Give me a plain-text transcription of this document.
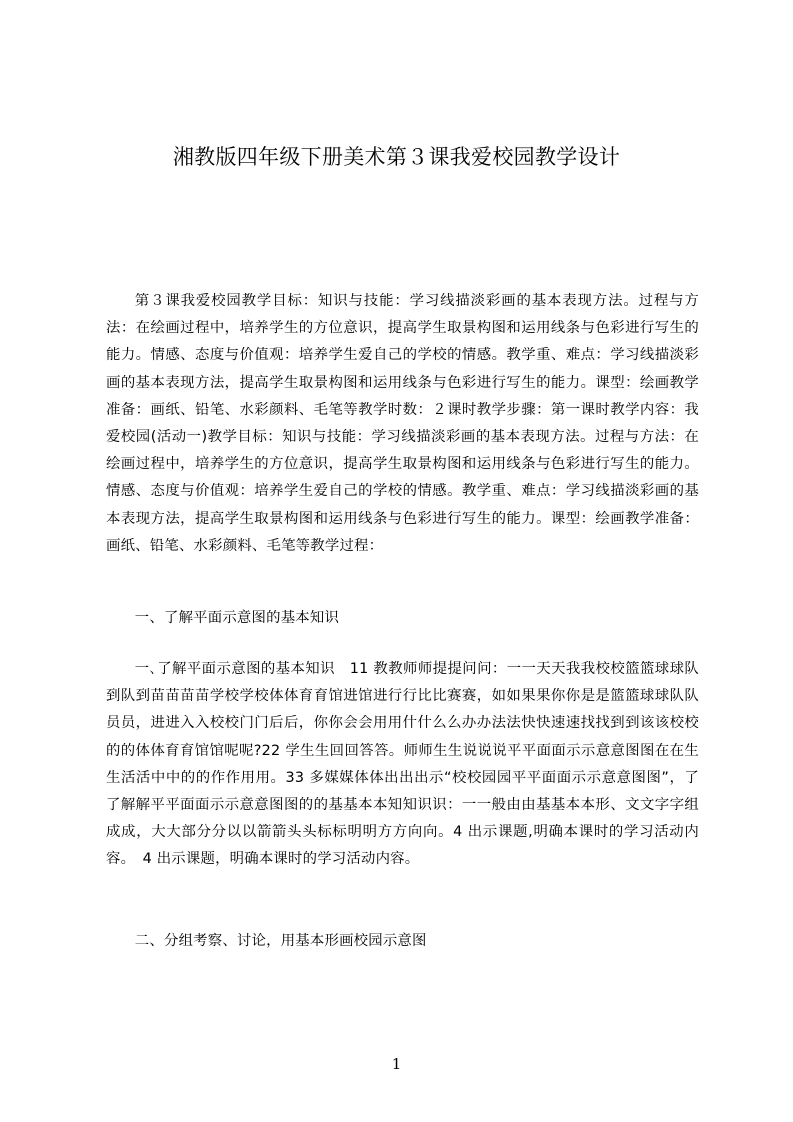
湘教版四年级下册美术第３课我爱校园教学设计

第３课我爱校园教学目标：知识与技能：学习线描淡彩画的基本表现方法。过程与方法：在绘画过程中，培养学生的方位意识，提高学生取景构图和运用线条与色彩进行写生的能力。情感、态度与价值观：培养学生爱自己的学校的情感。教学重、难点：学习线描淡彩画的基本表现方法，提高学生取景构图和运用线条与色彩进行写生的能力。课型：绘画教学准备：画纸、铅笔、水彩颜料、毛笔等教学时数：２课时教学步骤：第一课时教学内容：我爱校园(活动一)教学目标：知识与技能：学习线描淡彩画的基本表现方法。过程与方法：在绘画过程中，培养学生的方位意识，提高学生取景构图和运用线条与色彩进行写生的能力。情感、态度与价值观：培养学生爱自己的学校的情感。教学重、难点：学习线描淡彩画的基本表现方法，提高学生取景构图和运用线条与色彩进行写生的能力。课型：绘画教学准备：画纸、铅笔、水彩颜料、毛笔等教学过程：

一、了解平面示意图的基本知识

一､了解平面示意图的基本知识　11 教教师师提提问问：一一天天我我校校篮篮球球队到队到苗苗苗苗学校学校体体育育馆进馆进行行比比赛赛，如如果果你你是是篮篮球球队队员员，进进入入校校门门后后，你你会会用用什什么么办办法法快快速速找找到到该该校校的的体体育育馆馆呢呢?22 学生生回回答答。师师生生说说说平平面面示示意意图图在在生生活活中中的的作作用用。33 多媒媒体体出出出示“校校园园平平面面示示意意图图”，了了解解平平面面示示意意图图的的基基本本知知识识：一一般由由基基本本形、文文字字组成成，大大部分分以以箭箭头头标标明明方方向向。4 出示课题,明确本课时的学习活动内容。　4 出示课题，明确本课时的学习活动内容。

二、分组考察、讨论，用基本形画校园示意图
1
